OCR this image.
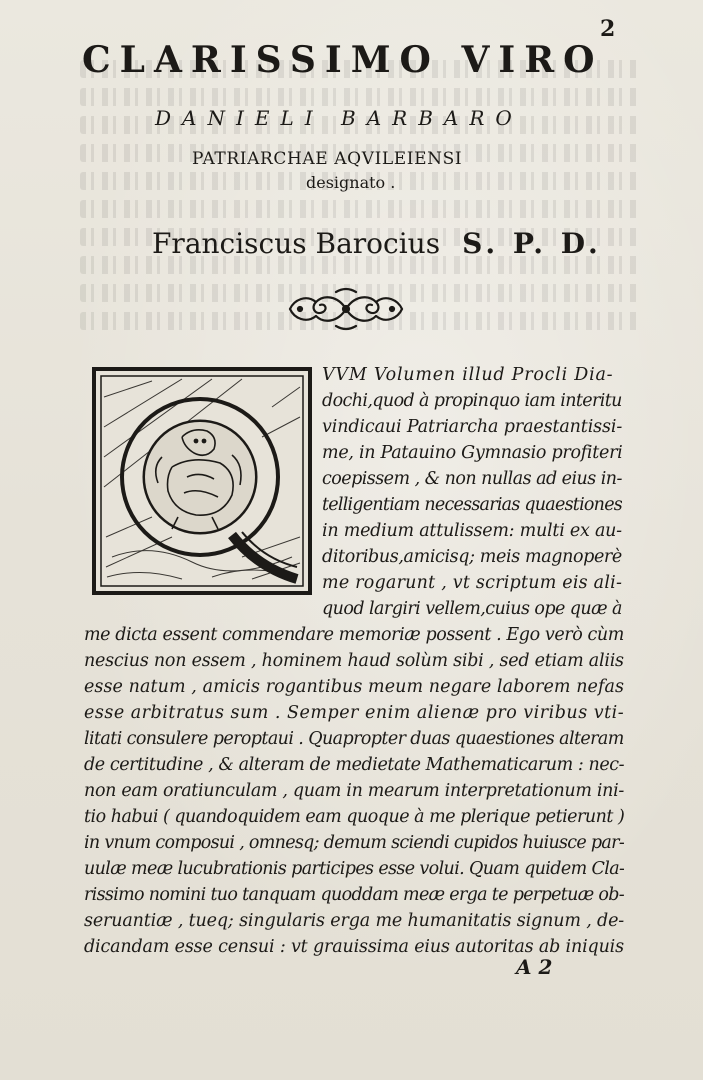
2
CLARISSIMO VIRO
DANIELI BARBARO
PATRIARCHAE AQVILEIENSI
designato .
Franciscus Barocius S. P. D.
VVM Volumen illud Procli Dia-
dochi,quod à propinquo iam interitu
vindicaui Patriarcha praestantissi-
me, in Patauino Gymnasio profiteri
coepissem , & non nullas ad eius in-
telligentiam necessarias quaestiones
in medium attulissem: multi ex au-
ditoribus,amicisq; meis magnoperè
me rogarunt , vt scriptum eis ali-
quod largiri vellem,cuius ope quæ à
me dicta essent commendare memoriæ possent . Ego verò cùm
nescius non essem , hominem haud solùm sibi , sed etiam aliis
esse natum , amicis rogantibus meum negare laborem nefas
esse arbitratus sum . Semper enim alienæ pro viribus vti-
litati consulere peroptaui . Quapropter duas quaestiones alteram
de certitudine , & alteram de medietate Mathematicarum : nec-
non eam oratiunculam , quam in mearum interpretationum ini-
tio habui ( quandoquidem eam quoque à me plerique petierunt )
in vnum composui , omnesq; demum sciendi cupidos huiusce par-
uulæ meæ lucubrationis participes esse volui. Quam quidem Cla-
rissimo nomini tuo tanquam quoddam meæ erga te perpetuæ ob-
seruantiæ , tueq; singularis erga me humanitatis signum , de-
dicandam esse censui : vt grauissima eius autoritas ab iniquis
A 2
